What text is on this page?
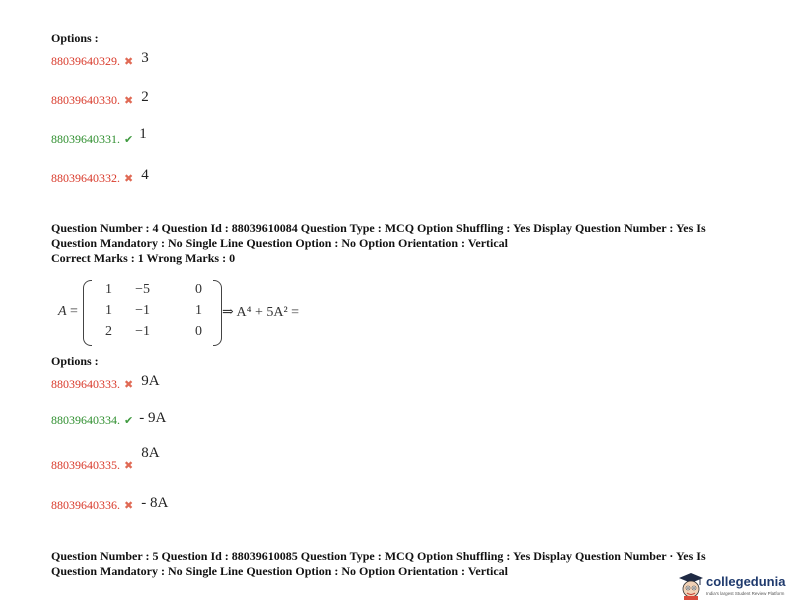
Options :
88039640329. ✖ 3
88039640330. ✖ 2
88039640331. ✔ 1
88039640332. ✖ 4
Question Number : 4 Question Id : 88039610084 Question Type : MCQ Option Shuffling : Yes Display Question Number : Yes Is
Question Mandatory : No Single Line Question Option : No Option Orientation : Vertical
Correct Marks : 1 Wrong Marks : 0
A =
1	−5	0
1	−1	1
2	−1	0
⇒ A⁴ + 5A² =
Options :
88039640333. ✖ 9A
88039640334. ✔ - 9A
88039640335. ✖ 8A
88039640336. ✖ - 8A
Question Number : 5 Question Id : 88039610085 Question Type : MCQ Option Shuffling : Yes Display Question Number · Yes Is
Question Mandatory : No Single Line Question Option : No Option Orientation : Vertical
collegedunia
India's largest Student Review Platform
